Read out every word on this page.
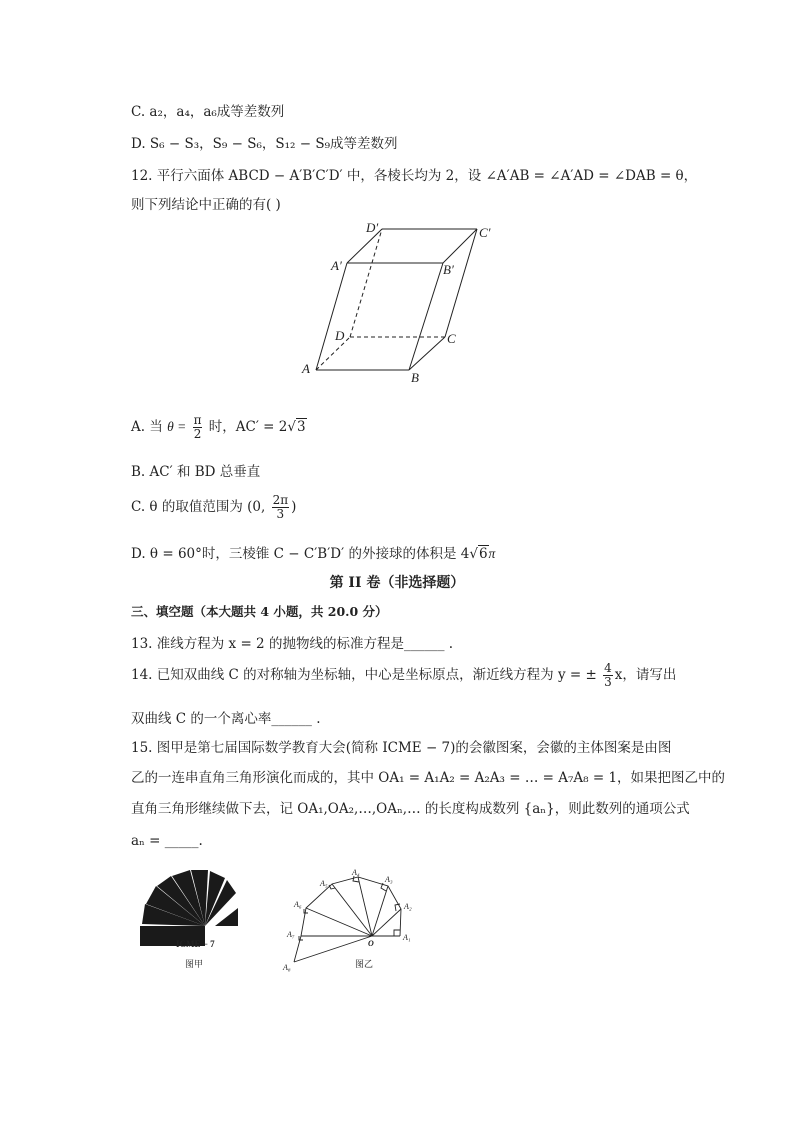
C. a₂，a₄，a₆成等差数列
D. S₆ − S₃，S₉ − S₆，S₁₂ − S₉成等差数列
12. 平行六面体 ABCD − A′B′C′D′ 中，各棱长均为 2，设 ∠A′AB = ∠A′AD = ∠DAB = θ，
则下列结论中正确的有( )
A
B
C
D
A′	B′
C′
D′
ICME − 7
图甲
A₁
A₂
A₃
A₄
A₅
A₆
A₇
A₈
O
图乙
A. 当 $\theta = \frac{\pi}{2}$ 时，AC′ = 2√3
B. AC′ 和 BD 总垂直
C. θ 的取值范围为 (0, $\frac{2\pi}{3}$ )
D. θ = 60°时，三棱锥 C − C′B′D′ 的外接球的体积是 4√6π
第 II 卷（非选择题）
三、填空题（本大题共 4 小题，共 20.0 分）
13. 准线方程为 x = 2 的抛物线的标准方程是______ .
14. 已知双曲线 C 的对称轴为坐标轴，中心是坐标原点，渐近线方程为 y = ± $\frac{4}{3}$ x，请写出
双曲线 C 的一个离心率______ .
15. 图甲是第七届国际数学教育大会(简称 ICME − 7)的会徽图案，会徽的主体图案是由图
乙的一连串直角三角形演化而成的，其中 OA₁ = A₁A₂ = A₂A₃ = … = A₇A₈ = 1，如果把图乙中的
直角三角形继续做下去，记 OA₁,OA₂,…,OAₙ,… 的长度构成数列 {aₙ}，则此数列的通项公式
aₙ = _____.
